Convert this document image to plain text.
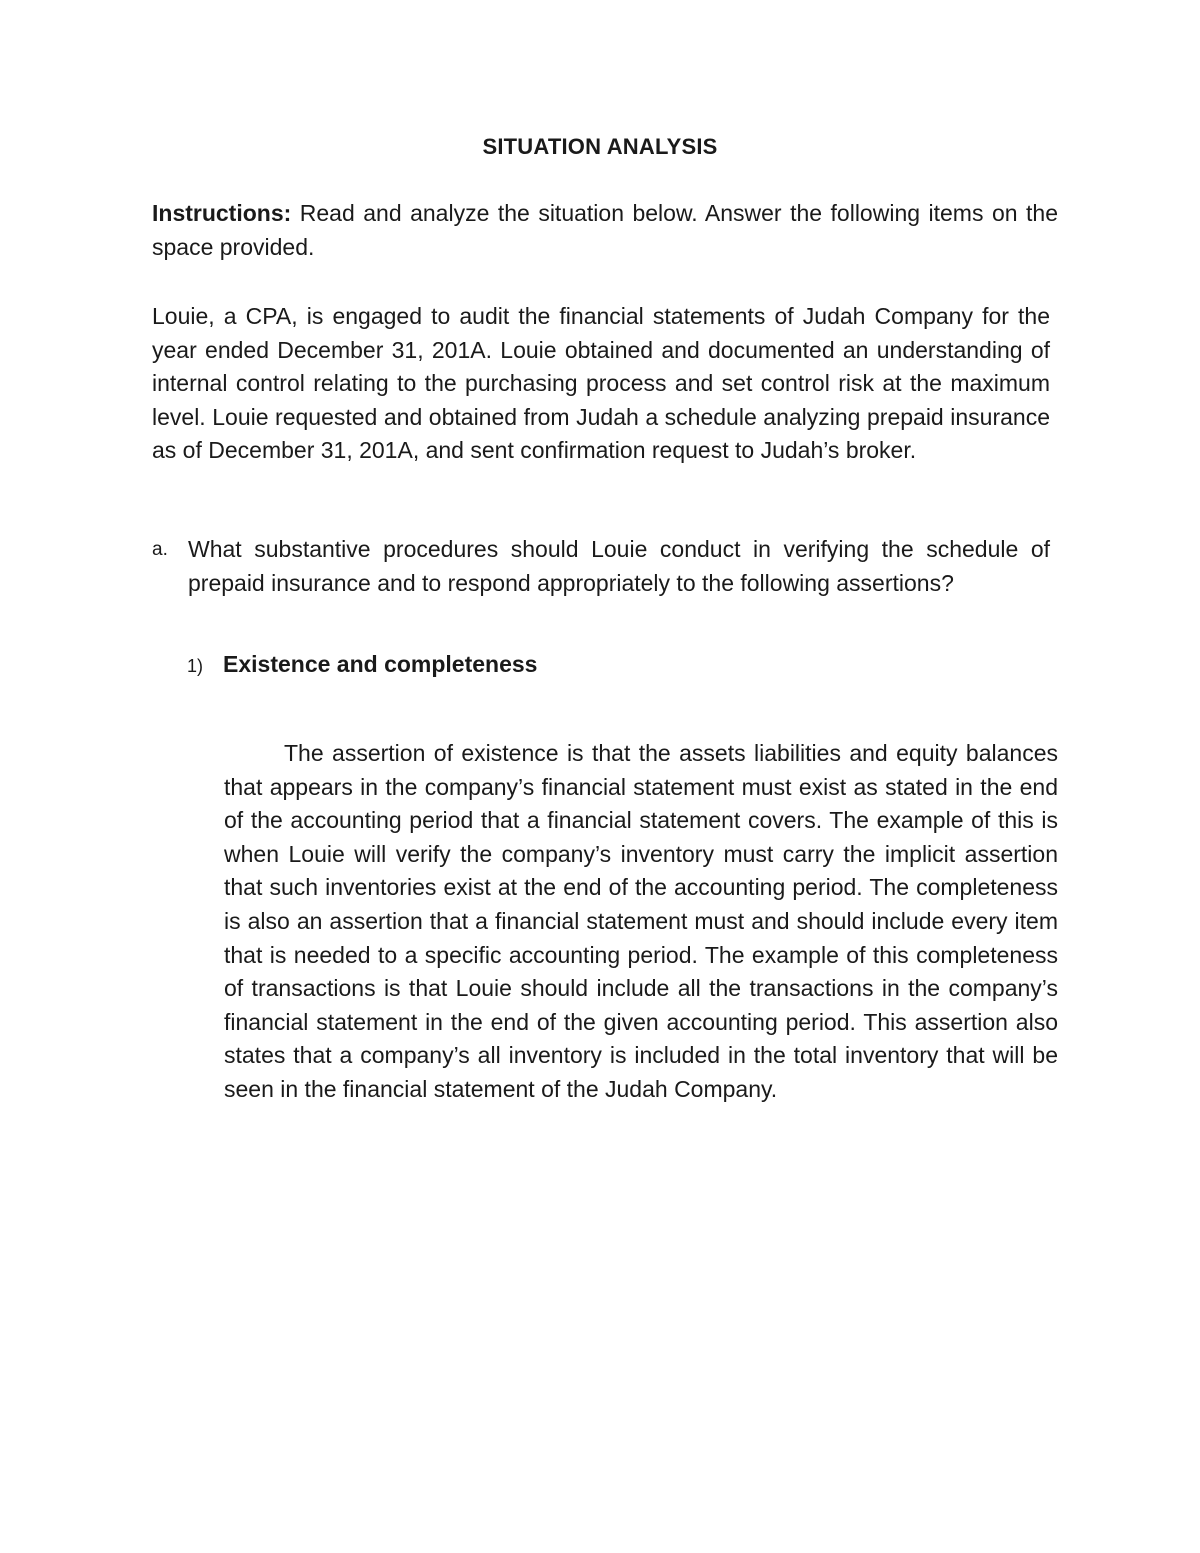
SITUATION ANALYSIS
Instructions: Read and analyze the situation below. Answer the following items on the space provided.
Louie, a CPA, is engaged to audit the financial statements of Judah Company for the year ended December 31, 201A. Louie obtained and documented an understanding of internal control relating to the purchasing process and set control risk at the maximum level. Louie requested and obtained from Judah a schedule analyzing prepaid insurance as of December 31, 201A, and sent confirmation request to Judah’s broker.
a. What substantive procedures should Louie conduct in verifying the schedule of prepaid insurance and to respond appropriately to the following assertions?
1) Existence and completeness
The assertion of existence is that the assets liabilities and equity balances that appears in the company’s financial statement must exist as stated in the end of the accounting period that a financial statement covers. The example of this is when Louie will verify the company’s inventory must carry the implicit assertion that such inventories exist at the end of the accounting period. The completeness is also an assertion that a financial statement must and should include every item that is needed to a specific accounting period. The example of this completeness of transactions is that Louie should include all the transactions in the company’s financial statement in the end of the given accounting period. This assertion also states that a company’s all inventory is included in the total inventory that will be seen in the financial statement of the Judah Company.
